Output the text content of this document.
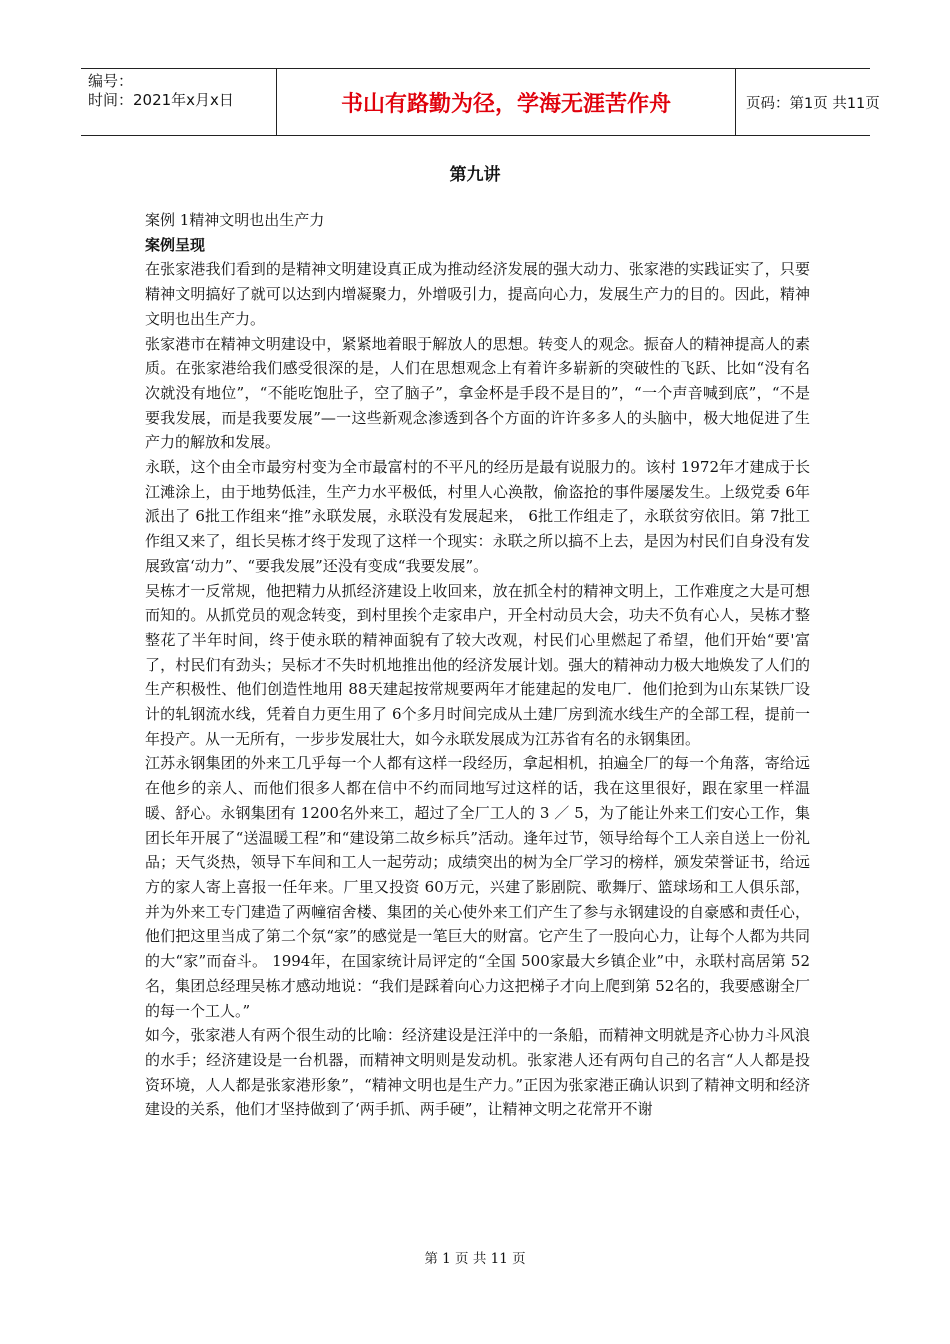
编号：
时间：2021年x月x日	书山有路勤为径，学海无涯苦作舟	页码：第1页 共11页
第九讲

案例 1精神文明也出生产力

案例呈现

在张家港我们看到的是精神文明建设真正成为推动经济发展的强大动力、张家港的实践证实了，只要精神文明搞好了就可以达到内增凝聚力，外增吸引力，提高向心力，发展生产力的目的。因此，精神文明也出生产力。

张家港市在精神文明建设中，紧紧地着眼于解放人的思想。转变人的观念。振奋人的精神提高人的素质。在张家港给我们感受很深的是，人们在思想观念上有着许多崭新的突破性的飞跃、比如“没有名次就没有地位”，“不能吃饱肚子，空了脑子”，拿金杯是手段不是目的”，“一个声音喊到底”，“不是要我发展，而是我要发展”—一这些新观念渗透到各个方面的许许多多人的头脑中，极大地促进了生产力的解放和发展。

永联，这个由全市最穷村变为全市最富村的不平凡的经历是最有说服力的。该村 1972年才建成于长江滩涂上，由于地势低洼，生产力水平极低，村里人心涣散，偷盗抢的事件屡屡发生。上级党委 6年派出了 6批工作组来“推”永联发展，永联没有发展起来， 6批工作组走了，永联贫穷依旧。第 7批工作组又来了，组长吴栋才终于发现了这样一个现实：永联之所以搞不上去，是因为村民们自身没有发展致富‘动力”、“要我发展”还没有变成“我要发展”。

吴栋才一反常规，他把精力从抓经济建设上收回来，放在抓全村的精神文明上，工作难度之大是可想而知的。从抓党员的观念转变，到村里挨个走家串户，开全村动员大会，功夫不负有心人，吴栋才整整花了半年时间，终于使永联的精神面貌有了较大改观，村民们心里燃起了希望，他们开始“要'富了，村民们有劲头；吴标才不失时机地推出他的经济发展计划。强大的精神动力极大地焕发了人们的生产积极性、他们创造性地用 88天建起按常规要两年才能建起的发电厂．他们抢到为山东某铁厂设计的轧钢流水线，凭着自力更生用了 6个多月时间完成从土建厂房到流水线生产的全部工程，提前一年投产。从一无所有，一步步发展壮大，如今永联发展成为江苏省有名的永钢集团。

江苏永钢集团的外来工几乎每一个人都有这样一段经历，拿起相机，拍遍全厂的每一个角落，寄给远在他乡的亲人、而他们很多人都在信中不约而同地写过这样的话，我在这里很好，跟在家里一样温暖、舒心。永钢集团有 1200名外来工，超过了全厂工人的 3 ／ 5，为了能让外来工们安心工作，集团长年开展了“送温暖工程”和“建设第二故乡标兵”活动。逢年过节，领导给每个工人亲自送上一份礼品；天气炎热，领导下车间和工人一起劳动；成绩突出的树为全厂学习的榜样，颁发荣誉证书，给远方的家人寄上喜报一任年来。厂里又投资 60万元，兴建了影剧院、歌舞厅、篮球场和工人俱乐部，并为外来工专门建造了两幢宿舍楼、集团的关心使外来工们产生了参与永钢建设的自豪感和责任心，他们把这里当成了第二个氛“家”的感觉是一笔巨大的财富。它产生了一股向心力，让每个人都为共同的大“家”而奋斗。 1994年，在国家统计局评定的“全国 500家最大乡镇企业”中，永联村高居第 52名，集团总经理吴栋才感动地说：“我们是踩着向心力这把梯子才向上爬到第 52名的，我要感谢全厂的每一个工人。”

如今，张家港人有两个很生动的比喻：经济建设是汪洋中的一条船，而精神文明就是齐心协力斗风浪的水手；经济建设是一台机器，而精神文明则是发动机。张家港人还有两句自己的名言“人人都是投资环境，人人都是张家港形象”，“精神文明也是生产力。”正因为张家港正确认识到了精神文明和经济建设的关系，他们才坚持做到了‘两手抓、两手硬”，让精神文明之花常开不谢

第 1 页 共 11 页
